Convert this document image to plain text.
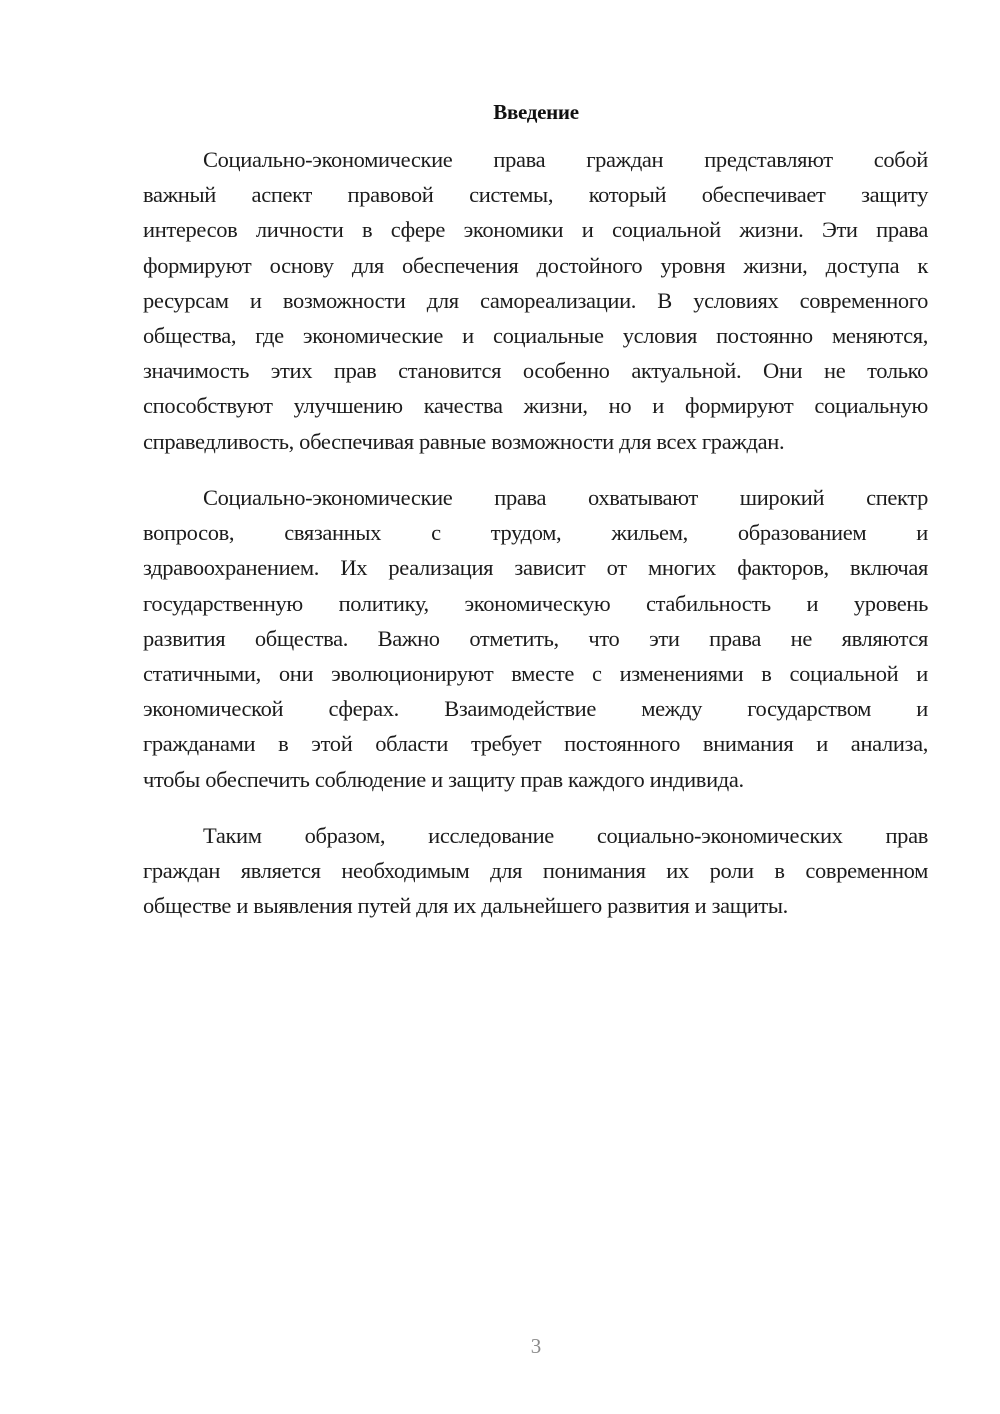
Введение
Социально-экономические права граждан представляют собой
важный аспект правовой системы, который обеспечивает защиту
интересов личности в сфере экономики и социальной жизни. Эти права
формируют основу для обеспечения достойного уровня жизни, доступа к
ресурсам и возможности для самореализации. В условиях современного
общества, где экономические и социальные условия постоянно меняются,
значимость этих прав становится особенно актуальной. Они не только
способствуют улучшению качества жизни, но и формируют социальную
справедливость, обеспечивая равные возможности для всех граждан.
Социально-экономические права охватывают широкий спектр
вопросов, связанных с трудом, жильем, образованием и
здравоохранением. Их реализация зависит от многих факторов, включая
государственную политику, экономическую стабильность и уровень
развития общества. Важно отметить, что эти права не являются
статичными, они эволюционируют вместе с изменениями в социальной и
экономической сферах. Взаимодействие между государством и
гражданами в этой области требует постоянного внимания и анализа,
чтобы обеспечить соблюдение и защиту прав каждого индивида.
Таким образом, исследование социально-экономических прав
граждан является необходимым для понимания их роли в современном
обществе и выявления путей для их дальнейшего развития и защиты.
3
